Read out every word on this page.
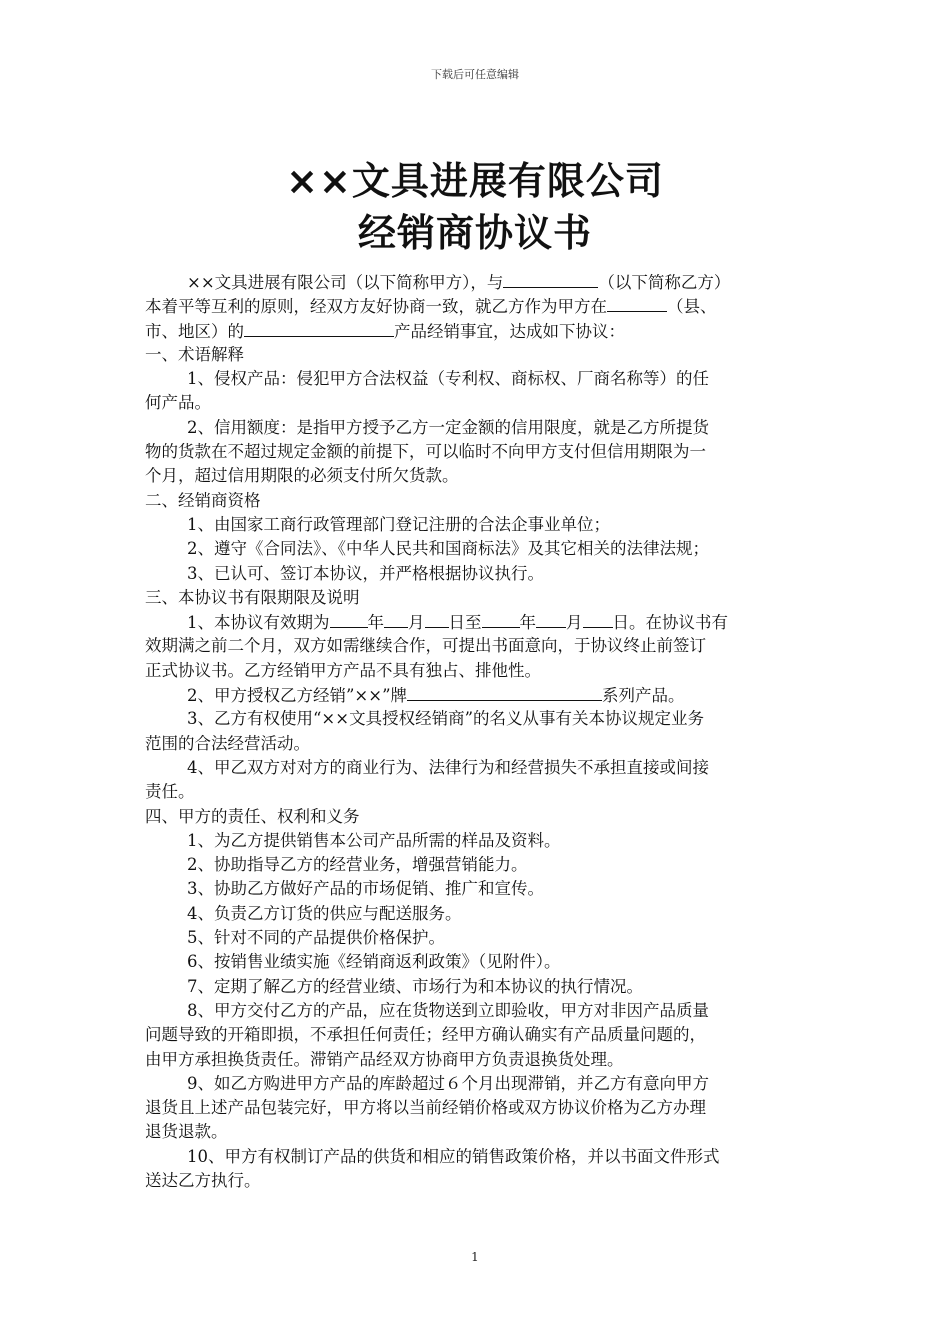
下载后可任意编辑
××文具进展有限公司
经销商协议书
××文具进展有限公司（以下简称甲方），与	（以下简称乙方）
本着平等互利的原则，经双方友好协商一致，就乙方作为甲方在	（县、
市、地区）的	产品经销事宜，达成如下协议：
一、术语解释
1、侵权产品：侵犯甲方合法权益（专利权、商标权、厂商名称等）的任
何产品。
2、信用额度：是指甲方授予乙方一定金额的信用限度，就是乙方所提货
物的货款在不超过规定金额的前提下，可以临时不向甲方支付但信用期限为一
个月，超过信用期限的必须支付所欠货款。
二、经销商资格
1、由国家工商行政管理部门登记注册的合法企事业单位；
2、遵守《合同法》、《中华人民共和国商标法》及其它相关的法律法规；
3、已认可、签订本协议，并严格根据协议执行。
三、本协议书有限期限及说明
1、本协议有效期为 年 月 日至 年 月 日。在协议书有
效期满之前二个月，双方如需继续合作，可提出书面意向，于协议终止前签订
正式协议书。乙方经销甲方产品不具有独占、排他性。
2、甲方授权乙方经销”××”牌	系列产品。
3、乙方有权使用“××文具授权经销商”的名义从事有关本协议规定业务
范围的合法经营活动。
4、甲乙双方对对方的商业行为、法律行为和经营损失不承担直接或间接
责任。
四、甲方的责任、权利和义务
1、为乙方提供销售本公司产品所需的样品及资料。
2、协助指导乙方的经营业务，增强营销能力。
3、协助乙方做好产品的市场促销、推广和宣传。
4、负责乙方订货的供应与配送服务。
5、针对不同的产品提供价格保护。
6、按销售业绩实施《经销商返利政策》（见附件）。
7、定期了解乙方的经营业绩、市场行为和本协议的执行情况。
8、甲方交付乙方的产品，应在货物送到立即验收，甲方对非因产品质量
问题导致的开箱即损，不承担任何责任；经甲方确认确实有产品质量问题的，
由甲方承担换货责任。滞销产品经双方协商甲方负责退换货处理。
9、如乙方购进甲方产品的库龄超过６个月出现滞销，并乙方有意向甲方
退货且上述产品包装完好，甲方将以当前经销价格或双方协议价格为乙方办理
退货退款。
10、甲方有权制订产品的供货和相应的销售政策价格，并以书面文件形式
送达乙方执行。
1
